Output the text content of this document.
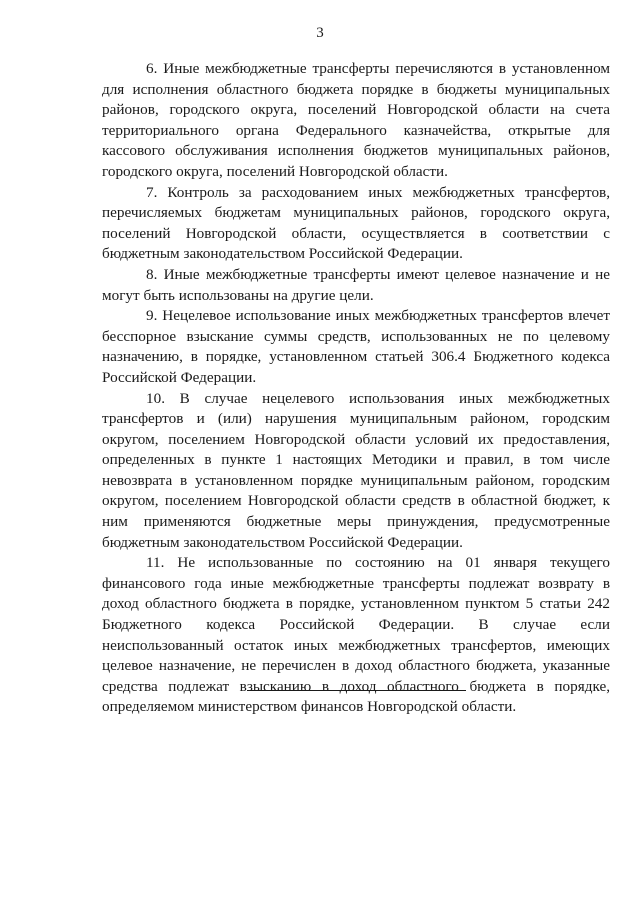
3

6. Иные межбюджетные трансферты перечисляются в установленном для исполнения областного бюджета порядке в бюджеты муниципальных районов, городского округа, поселений Новгородской области на счета территориального органа Федерального казначейства, открытые для кассового обслуживания исполнения бюджетов муниципальных районов, городского округа, поселений Новгородской области.

7. Контроль за расходованием иных межбюджетных трансфертов, перечисляемых бюджетам муниципальных районов, городского округа, поселений Новгородской области, осуществляется в соответствии с бюджетным законодательством Российской Федерации.

8. Иные межбюджетные трансферты имеют целевое назначение и не могут быть использованы на другие цели.

9. Нецелевое использование иных межбюджетных трансфертов влечет бесспорное взыскание суммы средств, использованных не по целевому назначению, в порядке, установленном статьей 306.4 Бюджетного кодекса Российской Федерации.

10. В случае нецелевого использования иных межбюджетных трансфертов и (или) нарушения муниципальным районом, городским округом, поселением Новгородской области условий их предоставления, определенных в пункте 1 настоящих Методики и правил, в том числе невозврата в установленном порядке муниципальным районом, городским округом, поселением Новгородской области средств в областной бюджет, к ним применяются бюджетные меры принуждения, предусмотренные бюджетным законодательством Российской Федерации.

11. Не использованные по состоянию на 01 января текущего финансового года иные межбюджетные трансферты подлежат возврату в доход областного бюджета в порядке, установленном пунктом 5 статьи 242 Бюджетного кодекса Российской Федерации. В случае если неиспользованный остаток иных межбюджетных трансфертов, имеющих целевое назначение, не перечислен в доход областного бюджета, указанные средства подлежат взысканию в доход областного бюджета в порядке, определяемом министерством финансов Новгородской области.
